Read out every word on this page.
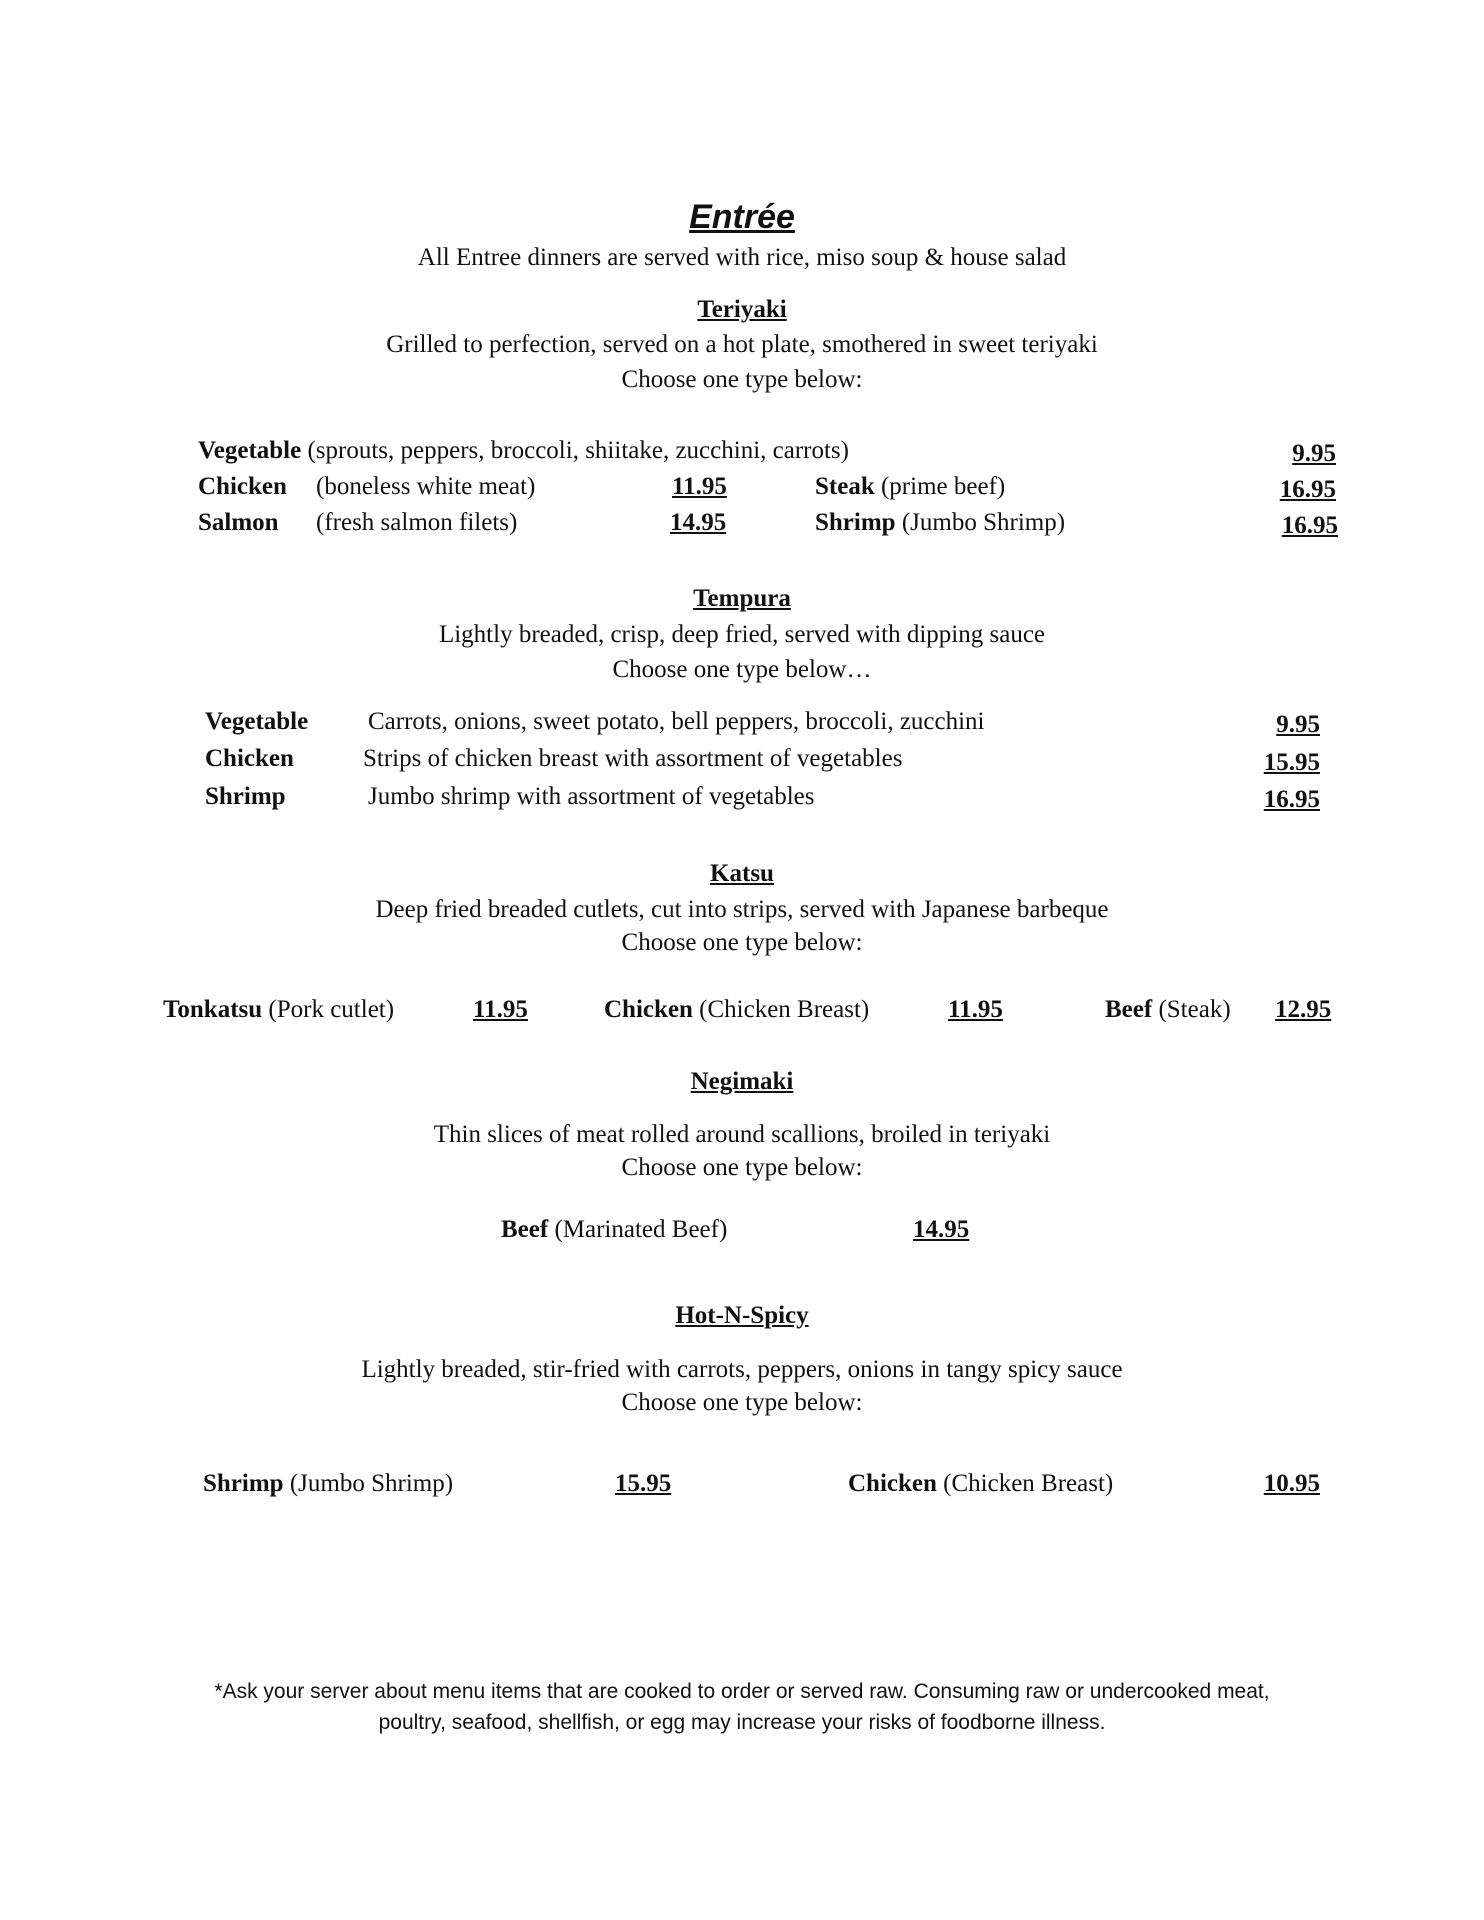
Entrée
All Entree dinners are served with rice, miso soup & house salad
Teriyaki
Grilled to perfection, served on a hot plate, smothered in sweet teriyaki
Choose one type below:
Vegetable (sprouts, peppers, broccoli, shiitake, zucchini, carrots)	9.95
Chicken (boneless white meat)	11.95	Steak (prime beef)	16.95
Salmon (fresh salmon filets)	14.95	Shrimp (Jumbo Shrimp)	16.95
Tempura
Lightly breaded, crisp, deep fried, served with dipping sauce
Choose one type below…
Vegetable Carrots, onions, sweet potato, bell peppers, broccoli, zucchini	9.95
Chicken	Strips of chicken breast with assortment of vegetables	15.95
Shrimp	Jumbo shrimp with assortment of vegetables	16.95
Katsu
Deep fried breaded cutlets, cut into strips, served with Japanese barbeque
Choose one type below:
Tonkatsu (Pork cutlet)	11.95	Chicken (Chicken Breast)	11.95	Beef (Steak) 12.95
Negimaki
Thin slices of meat rolled around scallions, broiled in teriyaki
Choose one type below:
Beef (Marinated Beef)	14.95
Hot-N-Spicy
Lightly breaded, stir-fried with carrots, peppers, onions in tangy spicy sauce
Choose one type below:
Shrimp (Jumbo Shrimp)	15.95	Chicken (Chicken Breast)	10.95
*Ask your server about menu items that are cooked to order or served raw. Consuming raw or undercooked meat,
poultry, seafood, shellfish, or egg may increase your risks of foodborne illness.
